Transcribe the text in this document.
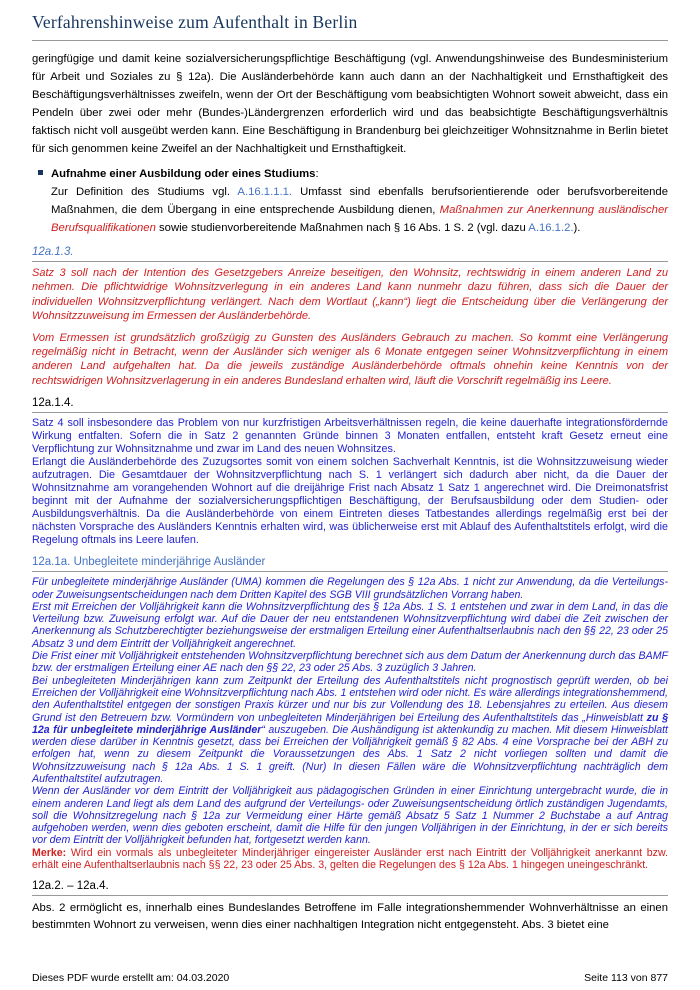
Verfahrenshinweise zum Aufenthalt in Berlin

geringfügige und damit keine sozialversicherungspflichtige Beschäftigung (vgl. Anwendungshinweise des Bundesministerium für Arbeit und Soziales zu § 12a). Die Ausländerbehörde kann auch dann an der Nachhaltigkeit und Ernsthaftigkeit des Beschäftigungsverhältnisses zweifeln, wenn der Ort der Beschäftigung vom beabsichtigten Wohnort soweit abweicht, dass ein Pendeln über zwei oder mehr (Bundes-)Ländergrenzen erforderlich wird und das beabsichtigte Beschäftigungsverhältnis faktisch nicht voll ausgeübt werden kann. Eine Beschäftigung in Brandenburg bei gleichzeitiger Wohnsitznahme in Berlin bietet für sich genommen keine Zweifel an der Nachhaltigkeit und Ernsthaftigkeit.

Aufnahme einer Ausbildung oder eines Studiums:

Zur Definition des Studiums vgl. A.16.1.1.1. Umfasst sind ebenfalls berufsorientierende oder berufsvorbereitende Maßnahmen, die dem Übergang in eine entsprechende Ausbildung dienen, Maßnahmen zur Anerkennung ausländischer Berufsqualifikationen sowie studienvorbereitende Maßnahmen nach § 16 Abs. 1 S. 2 (vgl. dazu A.16.1.2.).

12a.1.3.

Satz 3 soll nach der Intention des Gesetzgebers Anreize beseitigen, den Wohnsitz, rechtswidrig in einem anderen Land zu nehmen. Die pflichtwidrige Wohnsitzverlegung in ein anderes Land kann nunmehr dazu führen, dass sich die Dauer der individuellen Wohnsitzverpflichtung verlängert. Nach dem Wortlaut („kann“) liegt die Entscheidung über die Verlängerung der Wohnsitzzuweisung im Ermessen der Ausländerbehörde.

Vom Ermessen ist grundsätzlich großzügig zu Gunsten des Ausländers Gebrauch zu machen. So kommt eine Verlängerung regelmäßig nicht in Betracht, wenn der Ausländer sich weniger als 6 Monate entgegen seiner Wohnsitzverpflichtung in einem anderen Land aufgehalten hat. Da die jeweils zuständige Ausländerbehörde oftmals ohnehin keine Kenntnis von der rechtswidrigen Wohnsitzverlagerung in ein anderes Bundesland erhalten wird, läuft die Vorschrift regelmäßig ins Leere.

12a.1.4.

Satz 4 soll insbesondere das Problem von nur kurzfristigen Arbeitsverhältnissen regeln, die keine dauerhafte integrationsfördernde Wirkung entfalten. Sofern die in Satz 2 genannten Gründe binnen 3 Monaten entfallen, entsteht kraft Gesetz erneut eine Verpflichtung zur Wohnsitznahme und zwar im Land des neuen Wohnsitzes.

Erlangt die Ausländerbehörde des Zuzugsortes somit von einem solchen Sachverhalt Kenntnis, ist die Wohnsitzzuweisung wieder aufzutragen. Die Gesamtdauer der Wohnsitzverpflichtung nach S. 1 verlängert sich dadurch aber nicht, da die Dauer der Wohnsitznahme am vorangehenden Wohnort auf die dreijährige Frist nach Absatz 1 Satz 1 angerechnet wird. Die Dreimonatsfrist beginnt mit der Aufnahme der sozialversicherungspflichtigen Beschäftigung, der Berufsausbildung oder dem Studien- oder Ausbildungsverhältnis. Da die Ausländerbehörde von einem Eintreten dieses Tatbestandes allerdings regelmäßig erst bei der nächsten Vorsprache des Ausländers Kenntnis erhalten wird, was üblicherweise erst mit Ablauf des Aufenthaltstitels erfolgt, wird die Regelung oftmals ins Leere laufen.

12a.1a. Unbegleitete minderjährige Ausländer

Für unbegleitete minderjährige Ausländer (UMA) kommen die Regelungen des § 12a Abs. 1 nicht zur Anwendung, da die Verteilungs- oder Zuweisungsentscheidungen nach dem Dritten Kapitel des SGB VIII grundsätzlichen Vorrang haben.

Erst mit Erreichen der Volljährigkeit kann die Wohnsitzverpflichtung des § 12a Abs. 1 S. 1 entstehen und zwar in dem Land, in das die Verteilung bzw. Zuweisung erfolgt war. Auf die Dauer der neu entstandenen Wohnsitzverpflichtung wird dabei die Zeit zwischen der Anerkennung als Schutzberechtigter beziehungsweise der erstmaligen Erteilung einer Aufenthaltserlaubnis nach den §§ 22, 23 oder 25 Absatz 3 und dem Eintritt der Volljährigkeit angerechnet.

Die Frist einer mit Volljährigkeit entstehenden Wohnsitzverpflichtung berechnet sich aus dem Datum der Anerkennung durch das BAMF bzw. der erstmaligen Erteilung einer AE nach den §§ 22, 23 oder 25 Abs. 3 zuzüglich 3 Jahren.

Bei unbegleiteten Minderjährigen kann zum Zeitpunkt der Erteilung des Aufenthaltstitels nicht prognostisch geprüft werden, ob bei Erreichen der Volljährigkeit eine Wohnsitzverpflichtung nach Abs. 1 entstehen wird oder nicht. Es wäre allerdings integrationshemmend, den Aufenthaltstitel entgegen der sonstigen Praxis kürzer und nur bis zur Vollendung des 18. Lebensjahres zu erteilen. Aus diesem Grund ist den Betreuern bzw. Vormündern von unbegleiteten Minderjährigen bei Erteilung des Aufenthaltstitels das „Hinweisblatt zu § 12a für unbegleitete minderjährige Ausländer“ auszugeben. Die Aushändigung ist aktenkundig zu machen. Mit diesem Hinweisblatt werden diese darüber in Kenntnis gesetzt, dass bei Erreichen der Volljährigkeit gemäß § 82 Abs. 4 eine Vorsprache bei der ABH zu erfolgen hat, wenn zu diesem Zeitpunkt die Voraussetzungen des Abs. 1 Satz 2 nicht vorliegen sollten und damit die Wohnsitzzuweisung nach § 12a Abs. 1 S. 1 greift. (Nur) In diesen Fällen wäre die Wohnsitzverpflichtung nachträglich dem Aufenthaltstitel aufzutragen.

Wenn der Ausländer vor dem Eintritt der Volljährigkeit aus pädagogischen Gründen in einer Einrichtung untergebracht wurde, die in einem anderen Land liegt als dem Land des aufgrund der Verteilungs- oder Zuweisungsentscheidung örtlich zuständigen Jugendamts, soll die Wohnsitzregelung nach § 12a zur Vermeidung einer Härte gemäß Absatz 5 Satz 1 Nummer 2 Buchstabe a auf Antrag aufgehoben werden, wenn dies geboten erscheint, damit die Hilfe für den jungen Volljährigen in der Einrichtung, in der er sich bereits vor dem Eintritt der Volljährigkeit befunden hat, fortgesetzt werden kann.

Merke: Wird ein vormals als unbegleiteter Minderjähriger eingereister Ausländer erst nach Eintritt der Volljährigkeit anerkannt bzw. erhält eine Aufenthaltserlaubnis nach §§ 22, 23 oder 25 Abs. 3, gelten die Regelungen des § 12a Abs. 1 hingegen uneingeschränkt.

12a.2. – 12a.4.

Abs. 2 ermöglicht es, innerhalb eines Bundeslandes Betroffene im Falle integrationshemmender Wohnverhältnisse an einen bestimmten Wohnort zu verweisen, wenn dies einer nachhaltigen Integration nicht entgegensteht. Abs. 3 bietet eine

Dieses PDF wurde erstellt am: 04.03.2020	Seite 113 von 877
